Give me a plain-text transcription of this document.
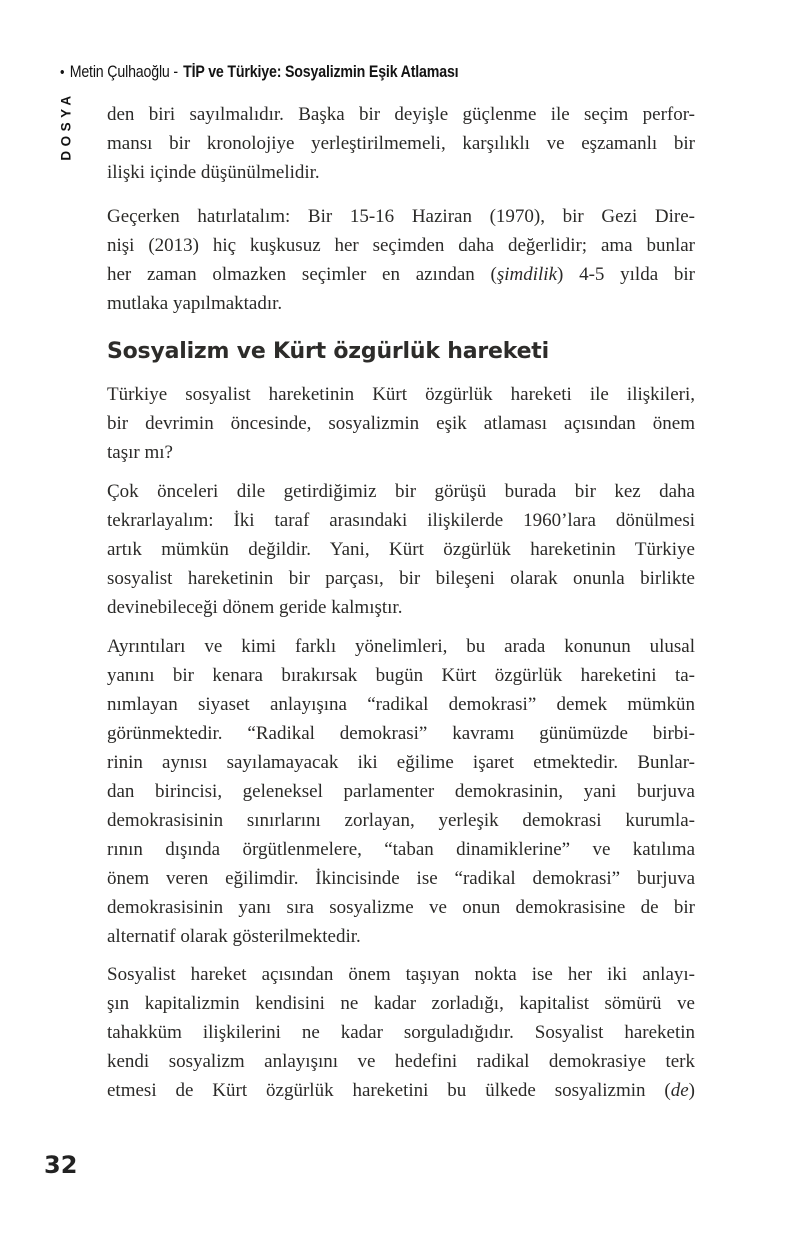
• Metin Çulhaoğlu - TİP ve Türkiye: Sosyalizmin Eşik Atlaması
DOSYA den biri sayılmalıdır. Başka bir deyişle güçlenme ile seçim perfor-
mansı bir kronolojiye yerleştirilmemeli, karşılıklı ve eşzamanlı bir
ilişki içinde düşünülmelidir.
Geçerken hatırlatalım: Bir 15-16 Haziran (1970), bir Gezi Dire-
nişi (2013) hiç kuşkusuz her seçimden daha değerlidir; ama bunlar
her zaman olmazken seçimler en azından (şimdilik) 4-5 yılda bir
mutlaka yapılmaktadır.
Sosyalizm ve Kürt özgürlük hareketi
Türkiye sosyalist hareketinin Kürt özgürlük hareketi ile ilişkileri,
bir devrimin öncesinde, sosyalizmin eşik atlaması açısından önem
taşır mı?
Çok önceleri dile getirdiğimiz bir görüşü burada bir kez daha
tekrarlayalım: İki taraf arasındaki ilişkilerde 1960’lara dönülmesi
artık mümkün değildir. Yani, Kürt özgürlük hareketinin Türkiye
sosyalist hareketinin bir parçası, bir bileşeni olarak onunla birlikte
devinebileceği dönem geride kalmıştır.
Ayrıntıları ve kimi farklı yönelimleri, bu arada konunun ulusal
yanını bir kenara bırakırsak bugün Kürt özgürlük hareketini ta-
nımlayan siyaset anlayışına “radikal demokrasi” demek mümkün
görünmektedir. “Radikal demokrasi” kavramı günümüzde birbi-
rinin aynısı sayılamayacak iki eğilime işaret etmektedir. Bunlar-
dan birincisi, geleneksel parlamenter demokrasinin, yani burjuva
demokrasisinin sınırlarını zorlayan, yerleşik demokrasi kurumla-
rının dışında örgütlenmelere, “taban dinamiklerine” ve katılıma
önem veren eğilimdir. İkincisinde ise “radikal demokrasi” burjuva
demokrasisinin yanı sıra sosyalizme ve onun demokrasisine de bir
alternatif olarak gösterilmektedir.
Sosyalist hareket açısından önem taşıyan nokta ise her iki anlayı-
şın kapitalizmin kendisini ne kadar zorladığı, kapitalist sömürü ve
tahakküm ilişkilerini ne kadar sorguladığıdır. Sosyalist hareketin
kendi sosyalizm anlayışını ve hedefini radikal demokrasiye terk
etmesi de Kürt özgürlük hareketini bu ülkede sosyalizmin (de)
32
